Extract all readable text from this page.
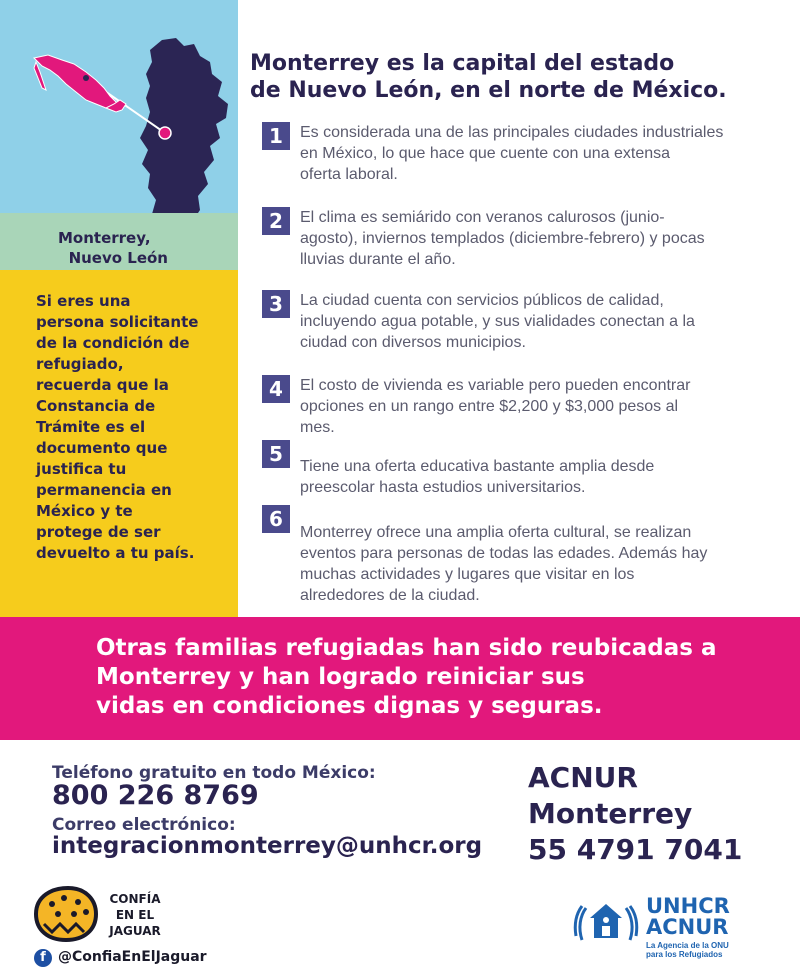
Monterrey,
Nuevo León
Si eres una
persona solicitante
de la condición de
refugiado,
recuerda que la
Constancia de
Trámite es el
documento que
justifica tu
permanencia en
México y te
protege de ser
devuelto a tu país.
Monterrey es la capital del estado
de Nuevo León, en el norte de México.
1	Es considerada una de las principales ciudades industriales
en México, lo que hace que cuente con una extensa
oferta laboral.
2	El clima es semiárido con veranos calurosos (junio-
agosto), inviernos templados (diciembre-febrero) y pocas
lluvias durante el año.
3	La ciudad cuenta con servicios públicos de calidad,
incluyendo agua potable, y sus vialidades conectan a la
ciudad con diversos municipios.
4	El costo de vivienda es variable pero pueden encontrar
opciones en un rango entre $2,200 y $3,000 pesos al
mes.
5
Tiene una oferta educativa bastante amplia desde
preescolar hasta estudios universitarios.
6
Monterrey ofrece una amplia oferta cultural, se realizan
eventos para personas de todas las edades. Además hay
muchas actividades y lugares que visitar en los
alrededores de la ciudad.
Otras familias refugiadas han sido reubicadas a
Monterrey y han logrado reiniciar sus
vidas en condiciones dignas y seguras.
Teléfono gratuito en todo México:
800 226 8769
Correo electrónico:
integracionmonterrey@unhcr.org
ACNUR
Monterrey
55 4791 7041
CONFÍA
EN EL
JAGUAR
f @ConfiaEnElJaguar
UNHCR
ACNUR
La Agencia de la ONU
para los Refugiados
